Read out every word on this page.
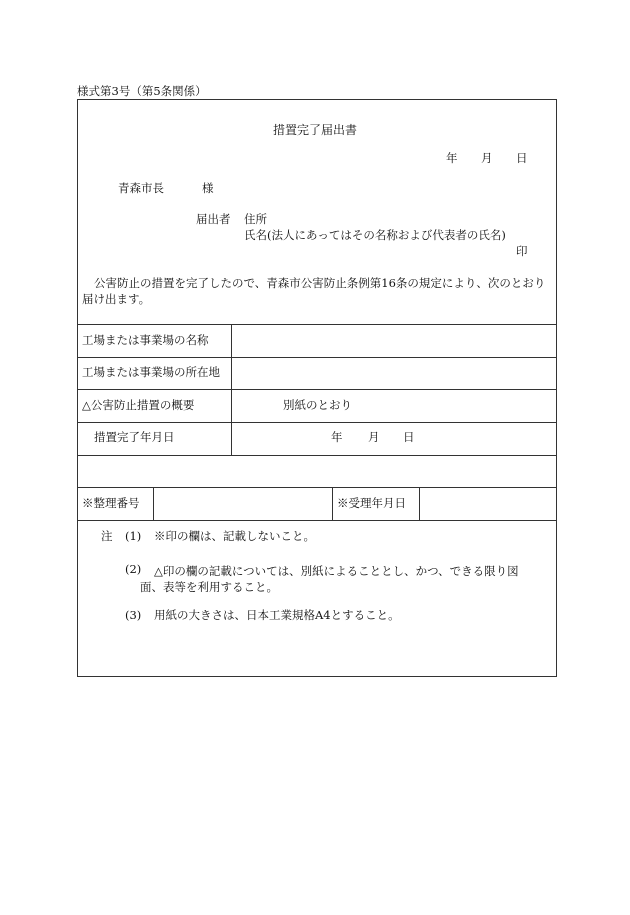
様式第3号（第5条関係）
措置完了届出書
年 月 日
青森市長	様
届出者 住所
氏名(法人にあってはその名称および代表者の氏名)
印
公害防止の措置を完了したので、青森市公害防止条例第16条の規定により、次のとおり届け出ます。
工場または事業場の名称
工場または事業場の所在地
△公害防止措置の概要	別紙のとおり
措置完了年月日	年 月 日
※整理番号	※受理年月日
注 (1) ※印の欄は、記載しないこと。
(2)	△印の欄の記載については、別紙によることとし、かつ、できる限り図面、表等を利用すること。
(3) 用紙の大きさは、日本工業規格A4とすること。
